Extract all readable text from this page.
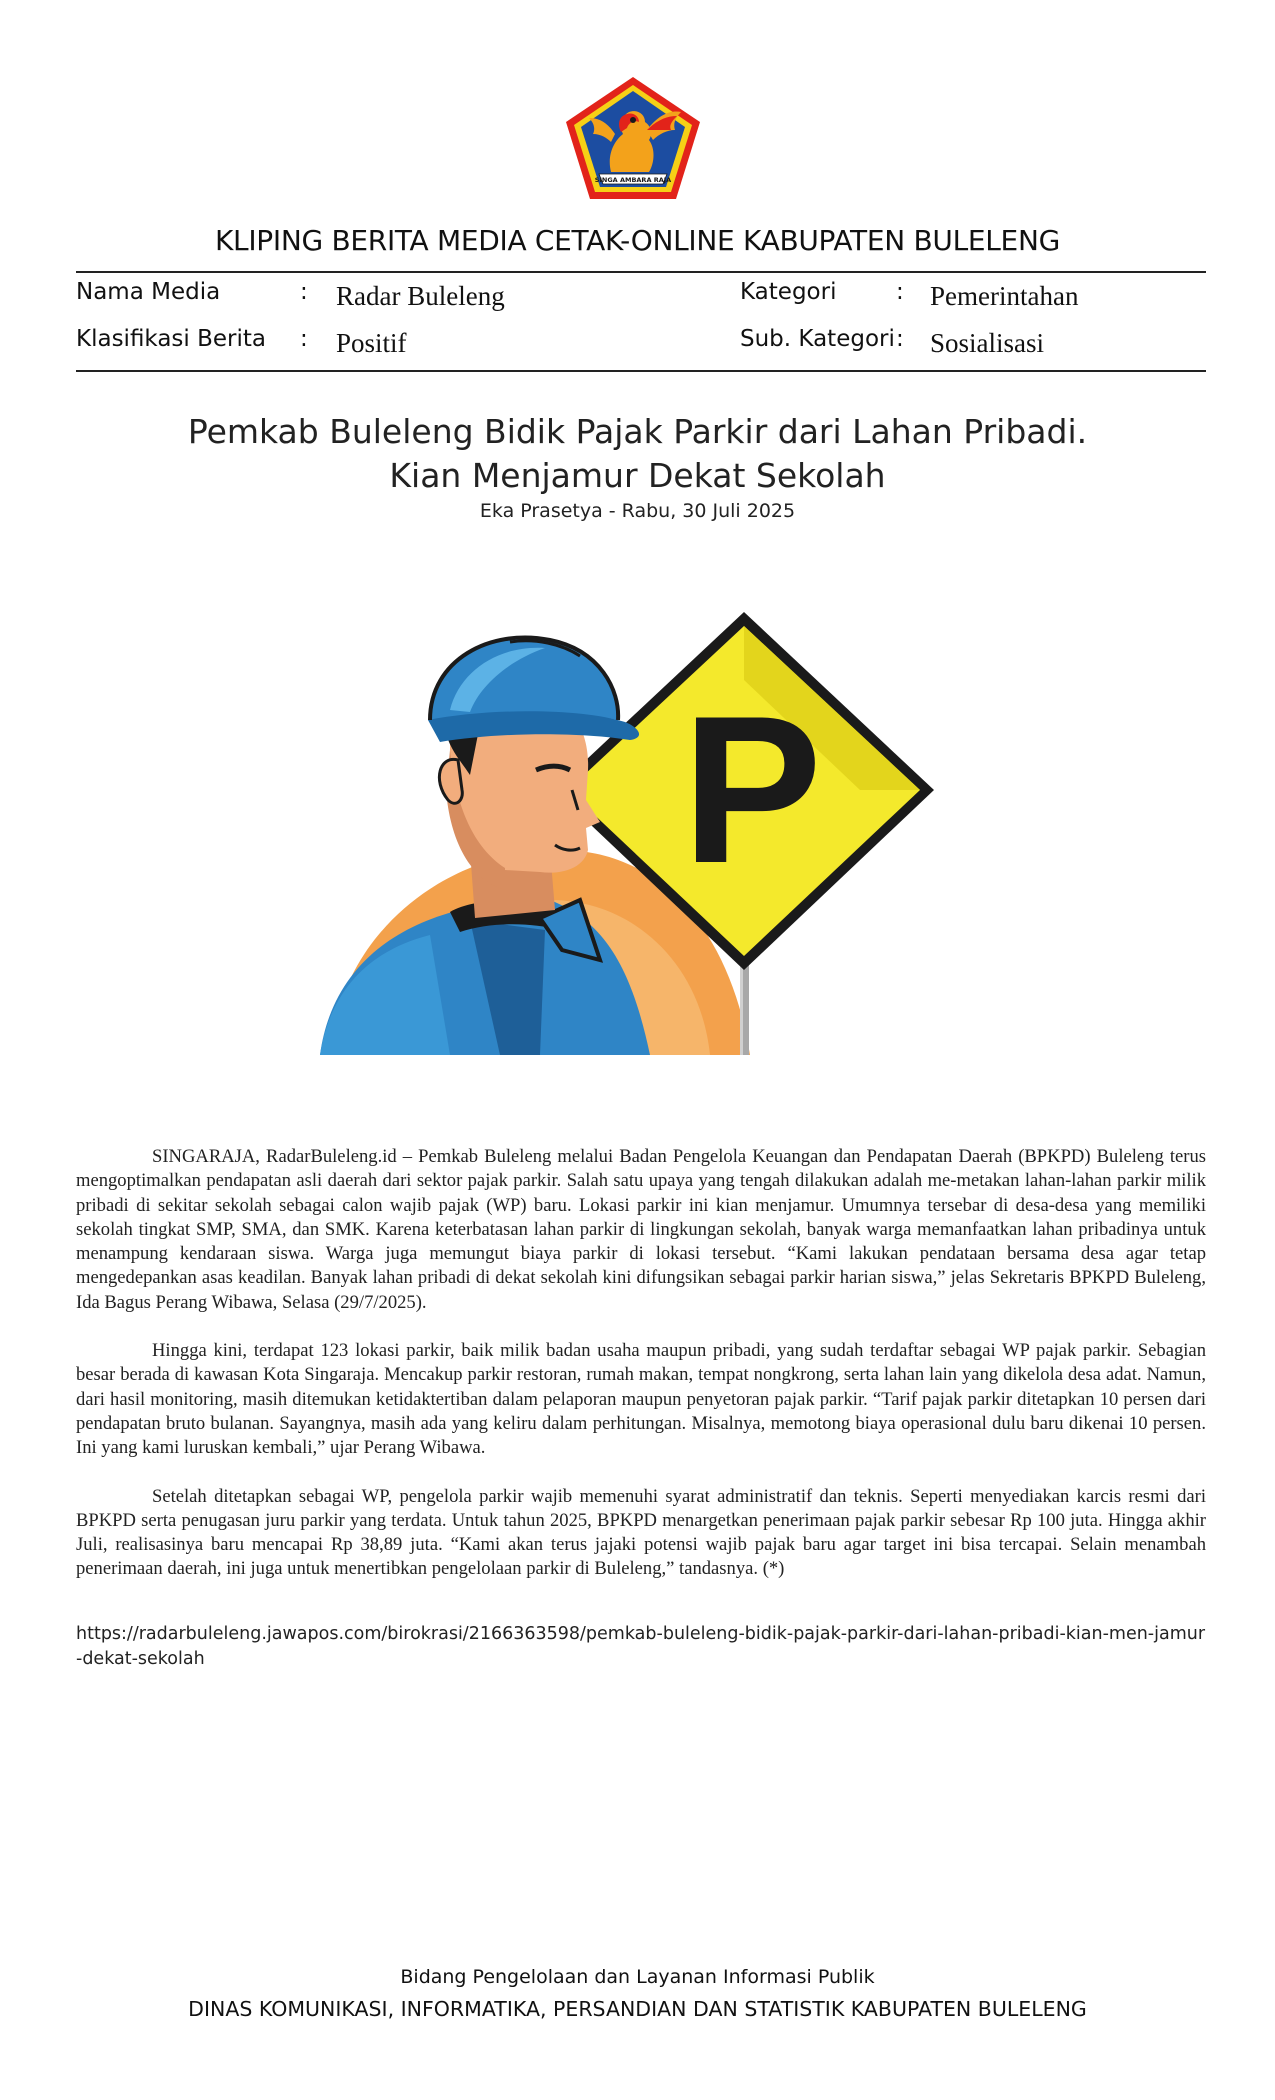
SINGA AMBARA RAJA
KLIPING BERITA MEDIA CETAK-ONLINE KABUPATEN BULELENG
Nama Media	: Radar Buleleng	Kategori	: Pemerintahan
Klasifikasi Berita : Positif	Sub. Kategori : Sosialisasi
Pemkab Buleleng Bidik Pajak Parkir dari Lahan Pribadi.
Kian Menjamur Dekat Sekolah
Eka Prasetya - Rabu, 30 Juli 2025
P

SINGARAJA, RadarBuleleng.id – Pemkab Buleleng melalui Badan Pengelola Keuangan dan Pendapatan Daerah (BPKPD) Buleleng terus mengoptimalkan pendapatan asli daerah dari sektor pajak parkir. Salah satu upaya yang tengah dilakukan adalah me-metakan lahan-lahan parkir milik pribadi di sekitar sekolah sebagai calon wajib pajak (WP) baru. Lokasi parkir ini kian menjamur. Umumnya tersebar di desa-desa yang memiliki sekolah tingkat SMP, SMA, dan SMK. Karena keterbatasan lahan parkir di lingkungan sekolah, banyak warga memanfaatkan lahan pribadinya untuk menampung kendaraan siswa. Warga juga memungut biaya parkir di lokasi tersebut. “Kami lakukan pendataan bersama desa agar tetap mengedepankan asas keadilan. Banyak lahan pribadi di dekat sekolah kini difungsikan sebagai parkir harian siswa,” jelas Sekretaris BPKPD Buleleng, Ida Bagus Perang Wibawa, Selasa (29/7/2025).

Hingga kini, terdapat 123 lokasi parkir, baik milik badan usaha maupun pribadi, yang sudah terdaftar sebagai WP pajak parkir. Sebagian besar berada di kawasan Kota Singaraja. Mencakup parkir restoran, rumah makan, tempat nongkrong, serta lahan lain yang dikelola desa adat. Namun, dari hasil monitoring, masih ditemukan ketidaktertiban dalam pelaporan maupun penyetoran pajak parkir. “Tarif pajak parkir ditetapkan 10 persen dari pendapatan bruto bulanan. Sayangnya, masih ada yang keliru dalam perhitungan. Misalnya, memotong biaya operasional dulu baru dikenai 10 persen. Ini yang kami luruskan kembali,” ujar Perang Wibawa.

Setelah ditetapkan sebagai WP, pengelola parkir wajib memenuhi syarat administratif dan teknis. Seperti menyediakan karcis resmi dari BPKPD serta penugasan juru parkir yang terdata. Untuk tahun 2025, BPKPD menargetkan penerimaan pajak parkir sebesar Rp 100 juta. Hingga akhir Juli, realisasinya baru mencapai Rp 38,89 juta. “Kami akan terus jajaki potensi wajib pajak baru agar target ini bisa tercapai. Selain menambah penerimaan daerah, ini juga untuk menertibkan pengelolaan parkir di Buleleng,” tandasnya. (*)

https://radarbuleleng.jawapos.com/birokrasi/2166363598/pemkab-buleleng-bidik-pajak-parkir-dari-lahan-pribadi-kian-men-jamur-dekat-sekolah
Bidang Pengelolaan dan Layanan Informasi Publik
DINAS KOMUNIKASI, INFORMATIKA, PERSANDIAN DAN STATISTIK KABUPATEN BULELENG
